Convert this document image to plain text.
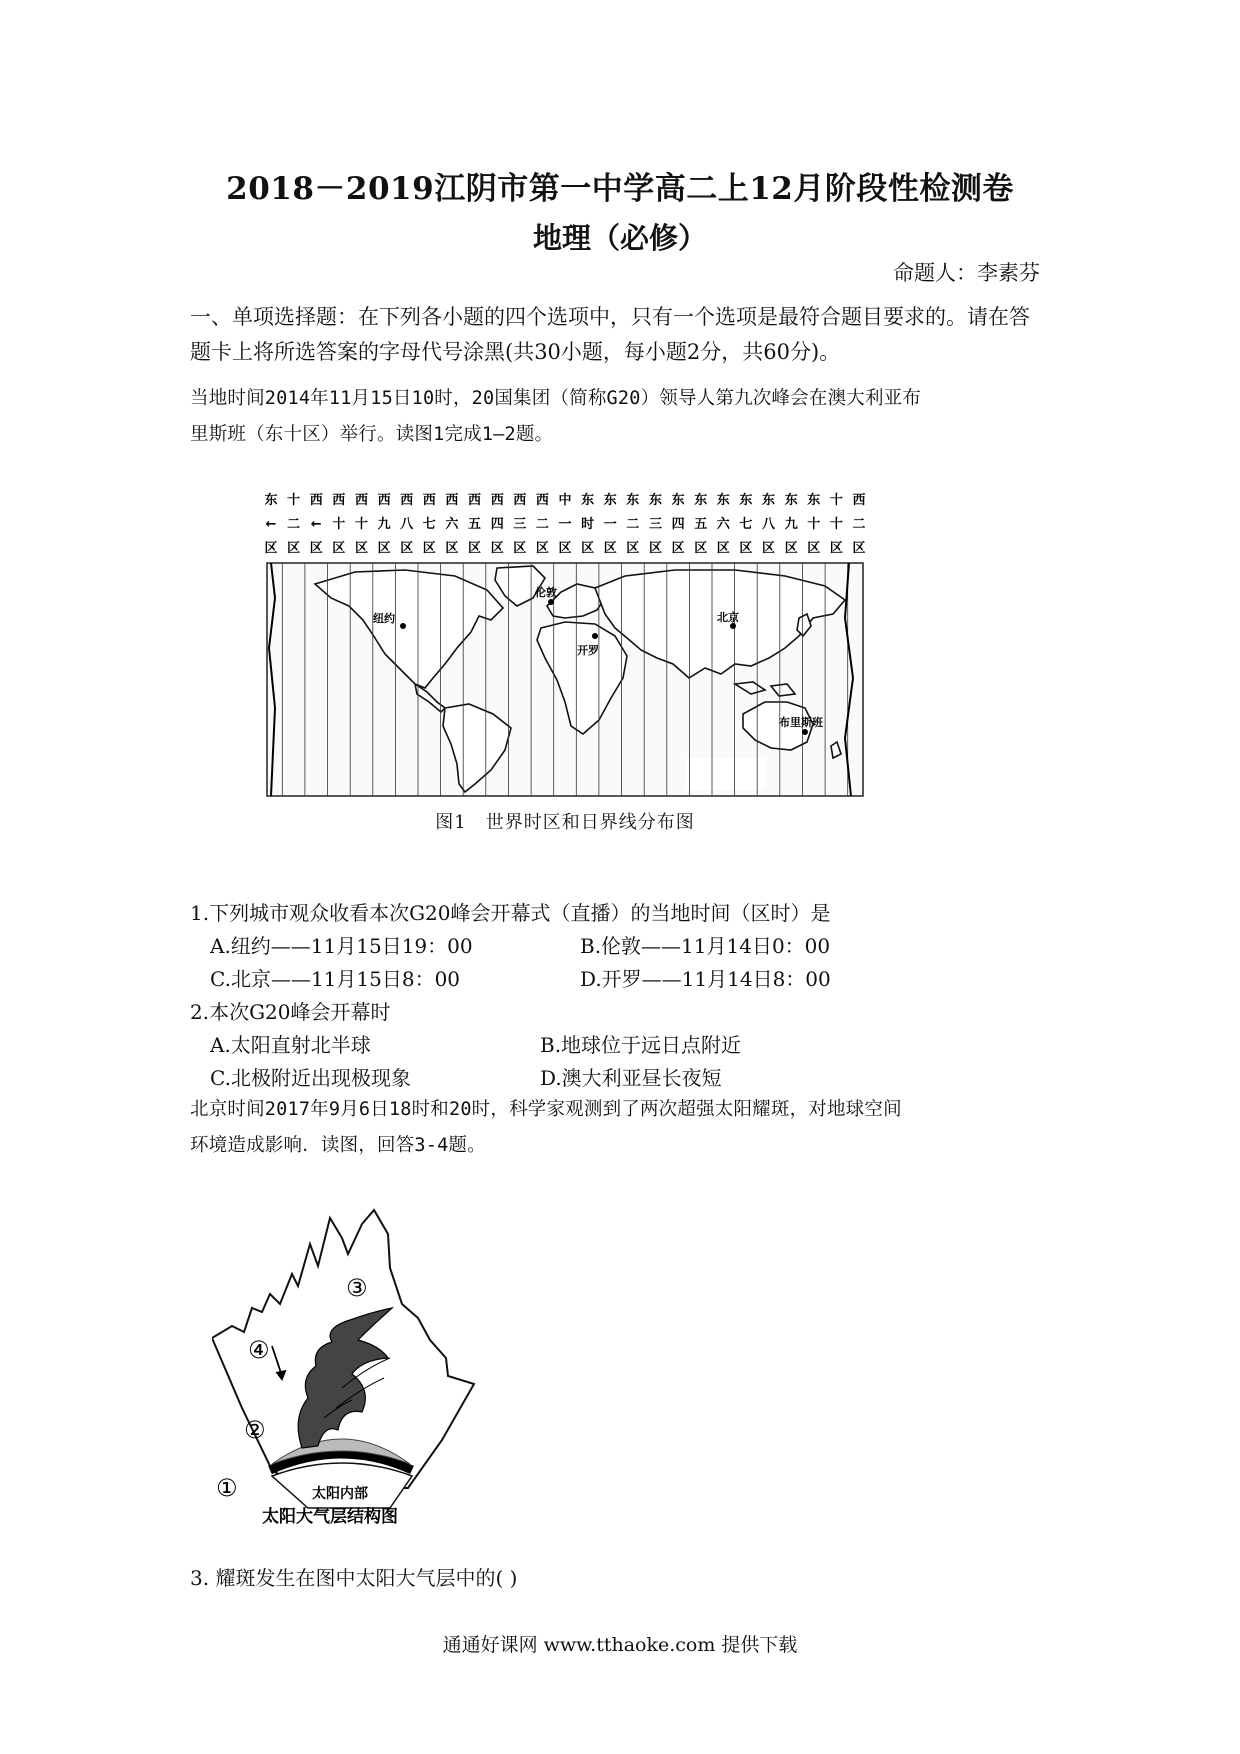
2018－2019江阴市第一中学高二上12月阶段性检测卷
地理（必修）
命题人：李素芬
一、单项选择题：在下列各小题的四个选项中，只有一个选项是最符合题目要求的。请在答
题卡上将所选答案的字母代号涂黑(共30小题，每小题2分，共60分)。
当地时间2014年11月15日10时，20国集团（简称G20）领导人第九次峰会在澳大利亚布
里斯班（东十区）举行。读图1完成1—2题。
东 十 西 西 西 西 西 西 西 西 西 西 西 中 东 东 东 东 东 东 东 东 东 东 东 十 西
← 二 ← 十 十 九 八 七 六 五 四 三 二 一 时 一 二 三 四 五 六 七 八 九 十 十 二
区 区 区 区 区 区 区 区 区 区 区 区 区 区 区 区 区 区 区 区 区 区 区 区 区 区 区
纽约
伦敦
开罗
北京
布里斯班
图1　世界时区和日界线分布图
1.下列城市观众收看本次G20峰会开幕式（直播）的当地时间（区时）是
A.纽约——11月15日19：00	B.伦敦——11月14日0：00
C.北京——11月15日8：00	D.开罗——11月14日8：00
2.本次G20峰会开幕时
A.太阳直射北半球	B.地球位于远日点附近
C.北极附近出现极现象	D.澳大利亚昼长夜短
北京时间2017年9月6日18时和20时，科学家观测到了两次超强太阳耀斑，对地球空间
环境造成影响．读图，回答3-4题。
太阳内部
④
③
②
①
太阳大气层结构图
3. 耀斑发生在图中太阳大气层中的( )
通通好课网 www.tthaoke.com 提供下载
